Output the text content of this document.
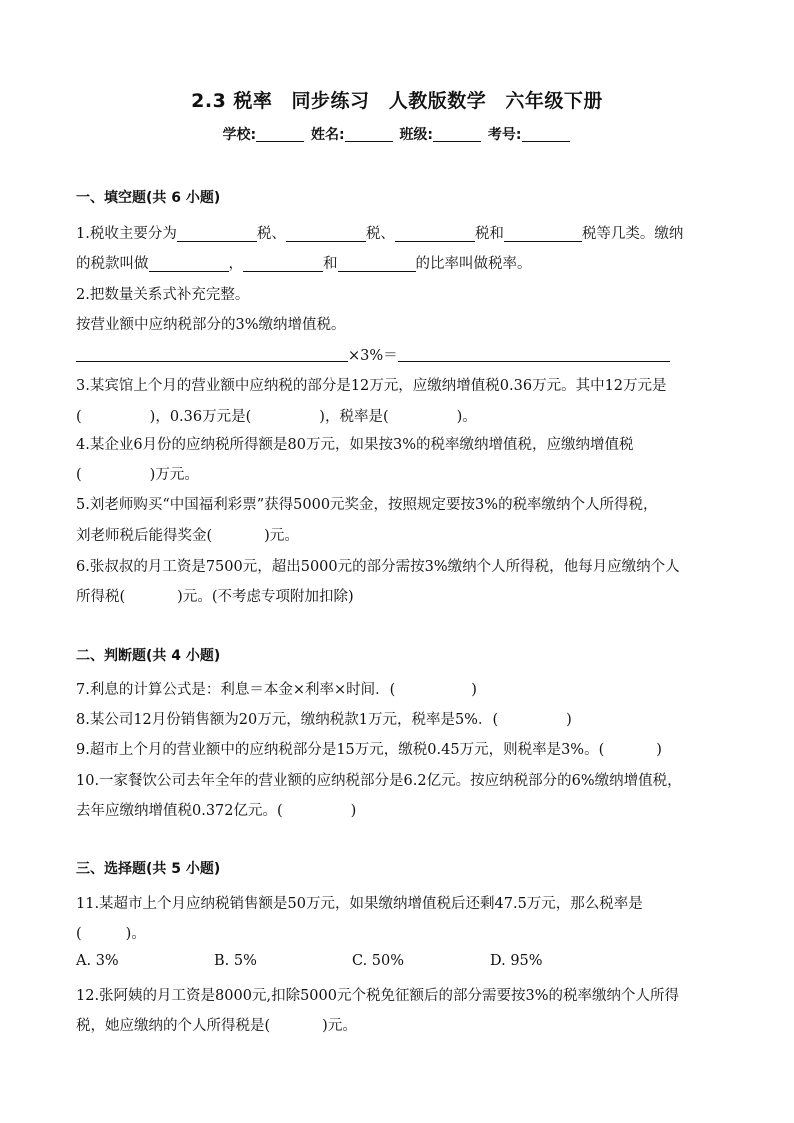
2.3 税率 同步练习 人教版数学 六年级下册
学校:	姓名:	班级:	考号:
一、填空题(共 6 小题)
1.税收主要分为	税、	税、	税和	税等几类。缴纳
的税款叫做	，	和	的比率叫做税率。
2.把数量关系式补充完整。
按营业额中应纳税部分的3%缴纳增值税。
×3%＝
3.某宾馆上个月的营业额中应纳税的部分是12万元，应缴纳增值税0.36万元。其中12万元是
(	)，0.36万元是(	)，税率是(	)。
4.某企业6月份的应纳税所得额是80万元，如果按3%的税率缴纳增值税，应缴纳增值税
(	)万元。
5.刘老师购买“中国福利彩票”获得5000元奖金，按照规定要按3%的税率缴纳个人所得税，
刘老师税后能得奖金(	)元。
6.张叔叔的月工资是7500元，超出5000元的部分需按3%缴纳个人所得税，他每月应缴纳个人
所得税(	)元。(不考虑专项附加扣除)
二、判断题(共 4 小题)
7.利息的计算公式是：利息＝本金×利率×时间．(	)
8.某公司12月份销售额为20万元，缴纳税款1万元，税率是5%．(	)
9.超市上个月的营业额中的应纳税部分是15万元，缴税0.45万元，则税率是3%。(	)
10.一家餐饮公司去年全年的营业额的应纳税部分是6.2亿元。按应纳税部分的6%缴纳增值税，
去年应缴纳增值税0.372亿元。(	)
三、选择题(共 5 小题)
11.某超市上个月应纳税销售额是50万元，如果缴纳增值税后还剩47.5万元，那么税率是
(	)。
A. 3%	B. 5%	C. 50%	D. 95%
12.张阿姨的月工资是8000元,扣除5000元个税免征额后的部分需要按3%的税率缴纳个人所得
税，她应缴纳的个人所得税是(	)元。
